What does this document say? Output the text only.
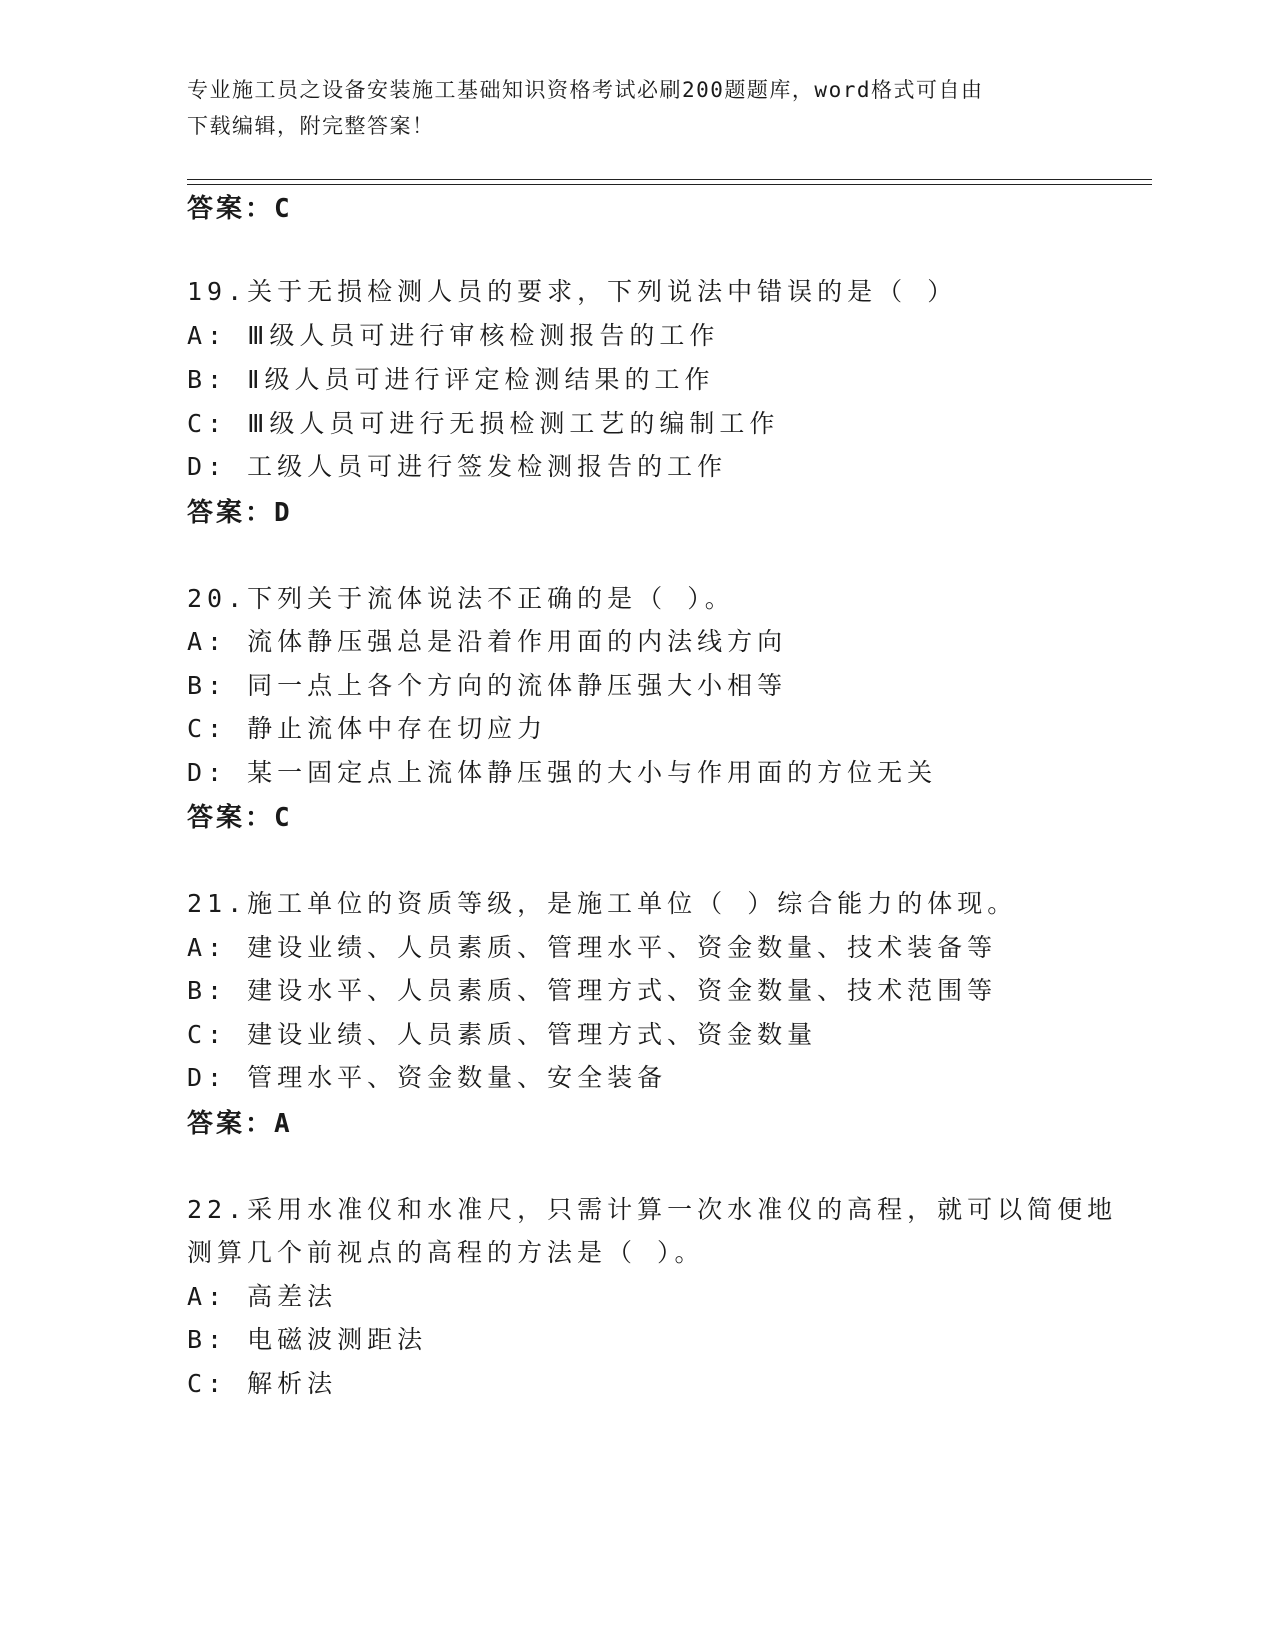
专业施工员之设备安装施工基础知识资格考试必刷200题题库，word格式可自由
下载编辑，附完整答案！
答案：C
19.关于无损检测人员的要求，下列说法中错误的是（ ）
A: Ⅲ级人员可进行审核检测报告的工作
B: Ⅱ级人员可进行评定检测结果的工作
C: Ⅲ级人员可进行无损检测工艺的编制工作
D: 工级人员可进行签发检测报告的工作
答案：D
20.下列关于流体说法不正确的是（ ）。
A: 流体静压强总是沿着作用面的内法线方向
B: 同一点上各个方向的流体静压强大小相等
C: 静止流体中存在切应力
D: 某一固定点上流体静压强的大小与作用面的方位无关
答案：C
21.施工单位的资质等级，是施工单位（ ）综合能力的体现。
A: 建设业绩、人员素质、管理水平、资金数量、技术装备等
B: 建设水平、人员素质、管理方式、资金数量、技术范围等
C: 建设业绩、人员素质、管理方式、资金数量
D: 管理水平、资金数量、安全装备
答案：A
22.采用水准仪和水准尺，只需计算一次水准仪的高程，就可以简便地
测算几个前视点的高程的方法是（ ）。
A: 高差法
B: 电磁波测距法
C: 解析法
